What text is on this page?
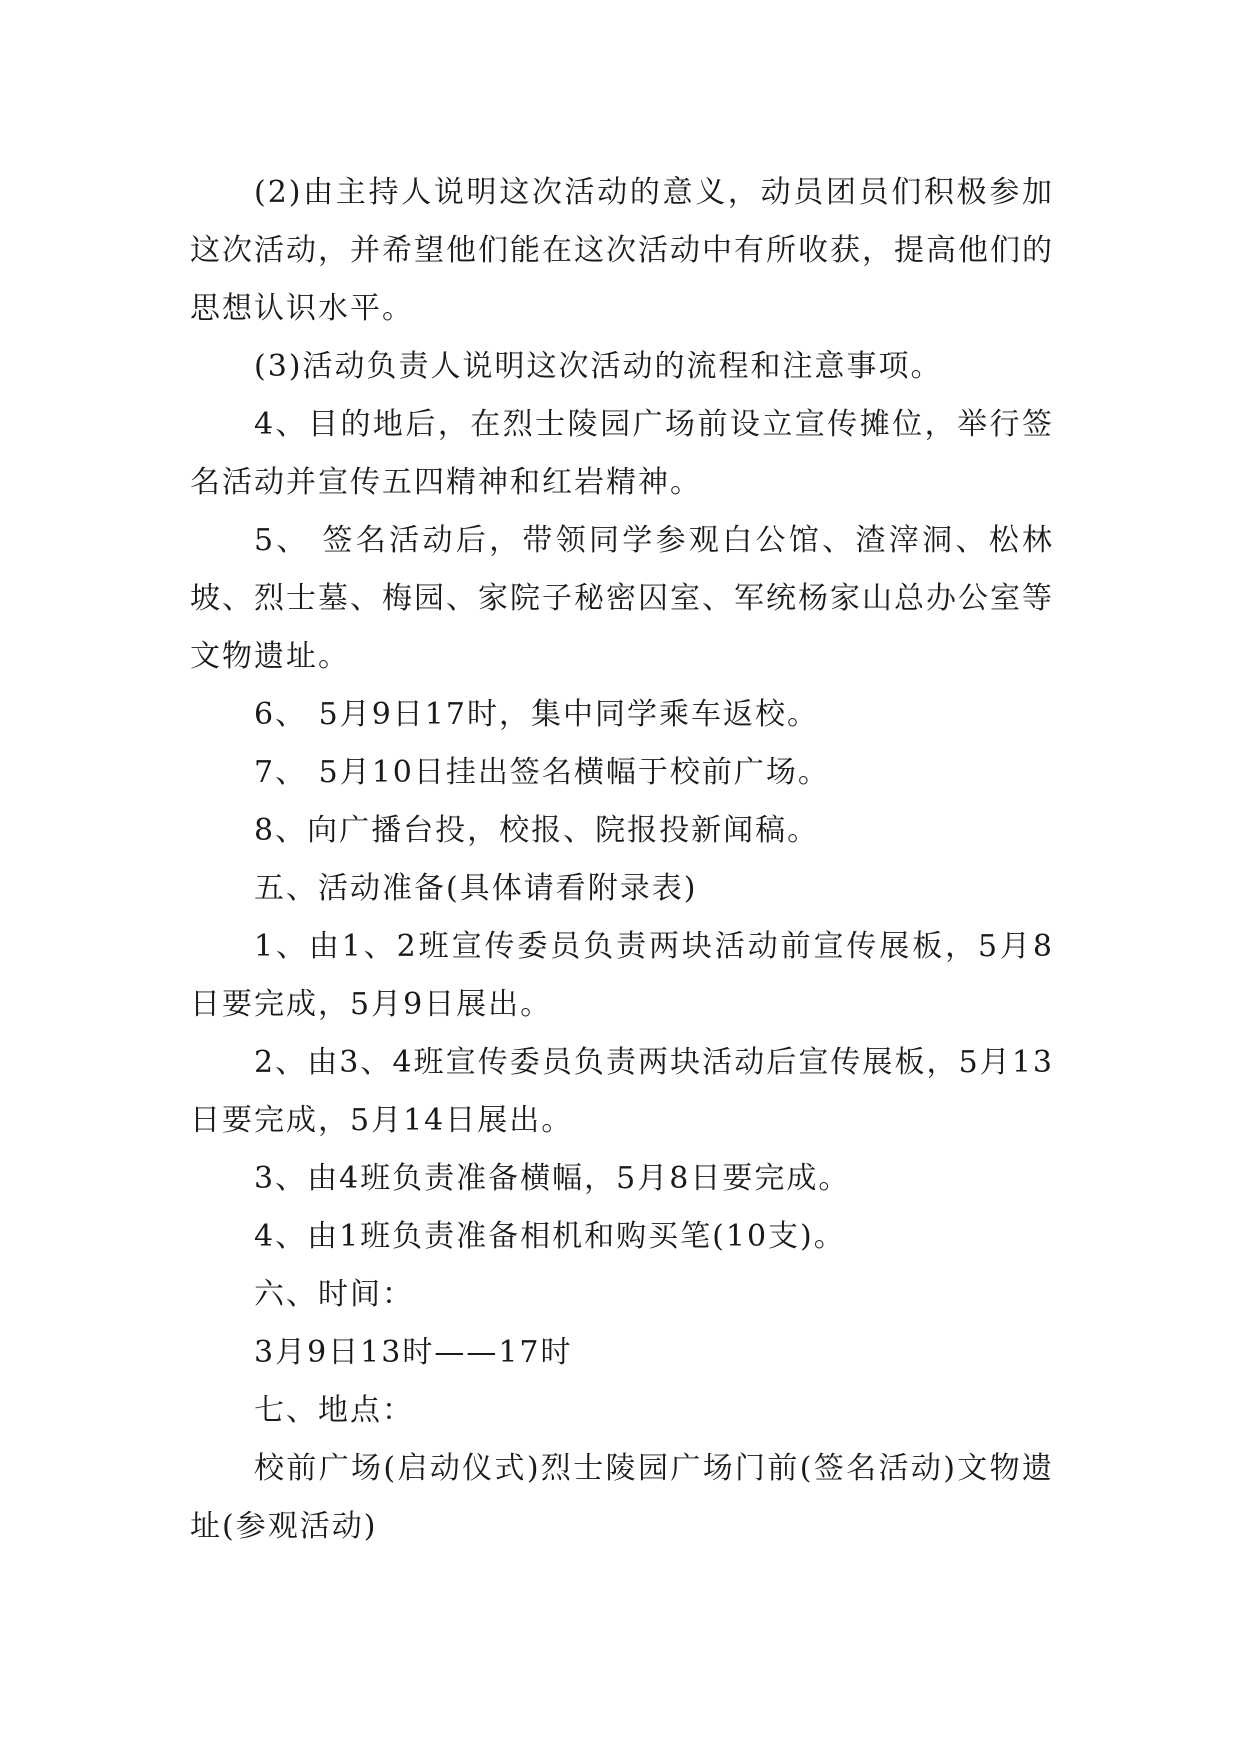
(2)由主持人说明这次活动的意义，动员团员们积极参加这次活动，并希望他们能在这次活动中有所收获，提高他们的思想认识水平。

(3)活动负责人说明这次活动的流程和注意事项。

4、目的地后，在烈士陵园广场前设立宣传摊位，举行签名活动并宣传五四精神和红岩精神。

5、 签名活动后，带领同学参观白公馆、渣滓洞、松林坡、烈士墓、梅园、家院子秘密囚室、军统杨家山总办公室等文物遗址。

6、 5月9日17时，集中同学乘车返校。

7、 5月10日挂出签名横幅于校前广场。

8、向广播台投，校报、院报投新闻稿。

五、活动准备(具体请看附录表)

1、由1、2班宣传委员负责两块活动前宣传展板，5月8日要完成，5月9日展出。

2、由3、4班宣传委员负责两块活动后宣传展板，5月13日要完成，5月14日展出。

3、由4班负责准备横幅，5月8日要完成。

4、由1班负责准备相机和购买笔(10支)。

六、时间：

3月9日13时——17时

七、地点：

校前广场(启动仪式)烈士陵园广场门前(签名活动)文物遗址(参观活动)
